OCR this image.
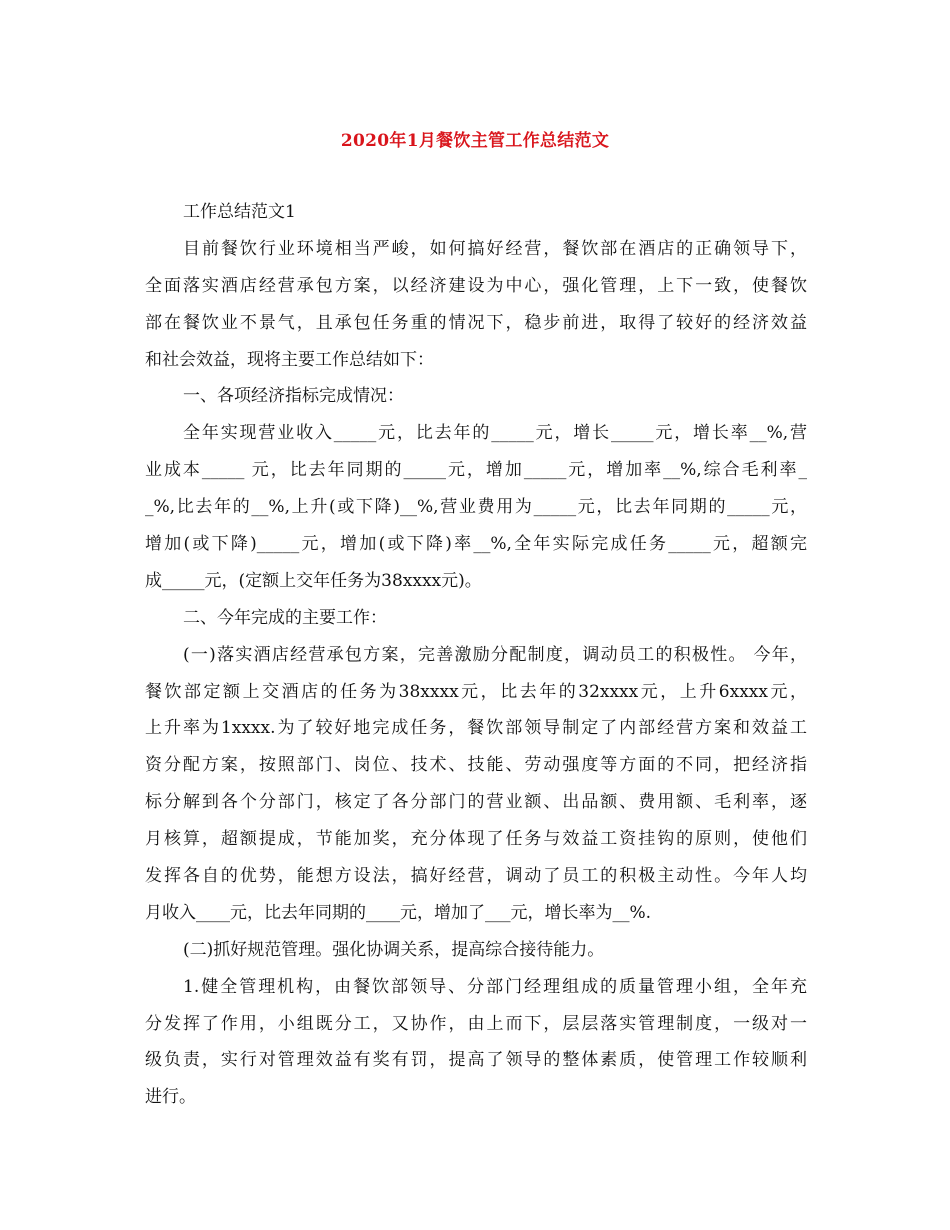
2020年1月餐饮主管工作总结范文
工作总结范文1
目前餐饮行业环境相当严峻，如何搞好经营，餐饮部在酒店的正确领导下，
全面落实酒店经营承包方案，以经济建设为中心，强化管理，上下一致，使餐饮
部在餐饮业不景气，且承包任务重的情况下，稳步前进，取得了较好的经济效益
和社会效益，现将主要工作总结如下：
一、各项经济指标完成情况：
全年实现营业收入_____元，比去年的_____元，增长_____元，增长率__%,营
业成本_____ 元，比去年同期的_____元，增加_____元，增加率__%,综合毛利率_
_%,比去年的__%,上升(或下降)__%,营业费用为_____元，比去年同期的_____元，
增加(或下降)_____元，增加(或下降)率__%,全年实际完成任务_____元，超额完
成_____元，(定额上交年任务为38xxxx元)。
二、今年完成的主要工作：
(一)落实酒店经营承包方案，完善激励分配制度，调动员工的积极性。 今年，
餐饮部定额上交酒店的任务为38xxxx元，比去年的32xxxx元，上升6xxxx元，
上升率为1xxxx.为了较好地完成任务，餐饮部领导制定了内部经营方案和效益工
资分配方案，按照部门、岗位、技术、技能、劳动强度等方面的不同，把经济指
标分解到各个分部门，核定了各分部门的营业额、出品额、费用额、毛利率，逐
月核算，超额提成，节能加奖，充分体现了任务与效益工资挂钩的原则，使他们
发挥各自的优势，能想方设法，搞好经营，调动了员工的积极主动性。今年人均
月收入____元，比去年同期的____元，增加了___元，增长率为__%.
(二)抓好规范管理。强化协调关系，提高综合接待能力。
1.健全管理机构，由餐饮部领导、分部门经理组成的质量管理小组，全年充
分发挥了作用，小组既分工，又协作，由上而下，层层落实管理制度，一级对一
级负责，实行对管理效益有奖有罚，提高了领导的整体素质，使管理工作较顺利
进行。
